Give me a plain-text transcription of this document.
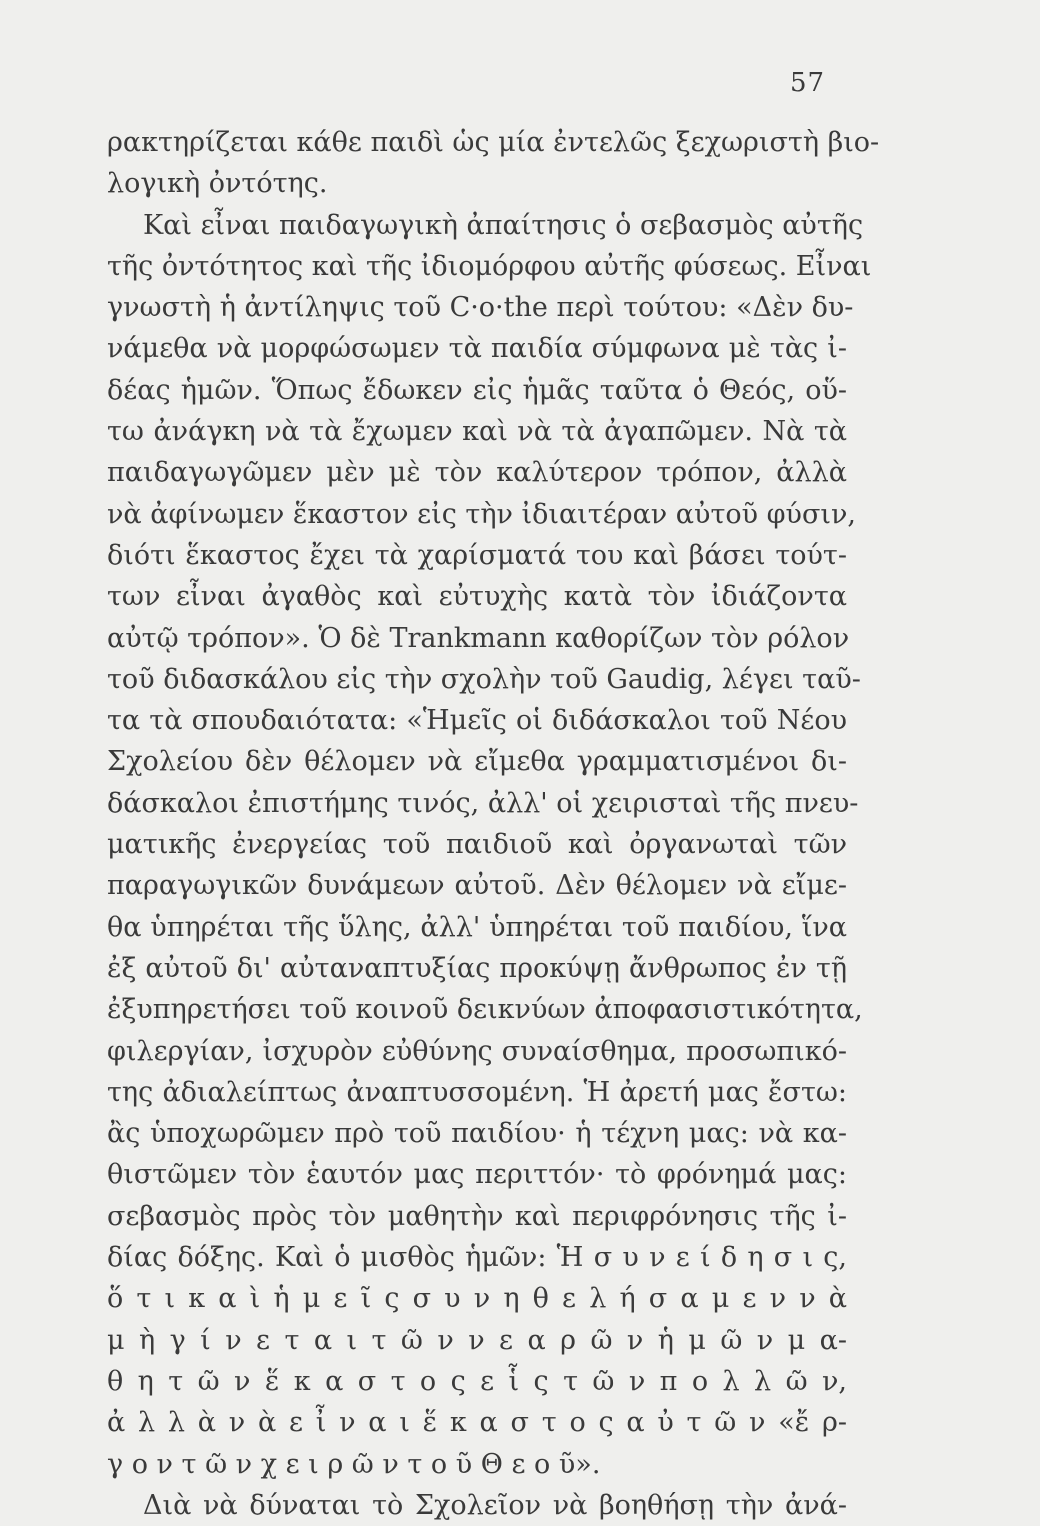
57
ρακτηρίζεται κάθε παιδὶ ὡς μία ἐντελῶς ξεχωριστὴ βιο-
λογικὴ ὀντότης.
Καὶ εἶναι παιδαγωγικὴ ἀπαίτησις ὁ σεβασμὸς αὐτῆς
τῆς ὀντότητος καὶ τῆς ἰδιομόρφου αὐτῆς φύσεως. Εἶναι
γνωστὴ ἡ ἀντίληψις τοῦ C·o·the περὶ τούτου: «Δὲν δυ-
νάμεθα νὰ μορφώσωμεν τὰ παιδία σύμφωνα μὲ τὰς ἰ-
δέας ἡμῶν. Ὅπως ἔδωκεν εἰς ἡμᾶς ταῦτα ὁ Θεός, οὕ-
τω ἀνάγκη νὰ τὰ ἔχωμεν καὶ νὰ τὰ ἀγαπῶμεν. Νὰ τὰ
παιδαγωγῶμεν μὲν μὲ τὸν καλύτερον τρόπον, ἀλλὰ
νὰ ἀφίνωμεν ἕκαστον εἰς τὴν ἰδιαιτέραν αὐτοῦ φύσιν,
διότι ἕκαστος ἔχει τὰ χαρίσματά του καὶ βάσει τούτ-
των εἶναι ἀγαθὸς καὶ εὐτυχὴς κατὰ τὸν ἰδιάζοντα
αὐτῷ τρόπον». Ὁ δὲ Trankmann καθορίζων τὸν ρόλον
τοῦ διδασκάλου εἰς τὴν σχολὴν τοῦ Gaudig, λέγει ταῦ-
τα τὰ σπουδαιότατα: «Ἡμεῖς οἱ διδάσκαλοι τοῦ Νέου
Σχολείου δὲν θέλομεν νὰ εἴμεθα γραμματισμένοι δι-
δάσκαλοι ἐπιστήμης τινός, ἀλλ' οἱ χειρισταὶ τῆς πνευ-
ματικῆς ἐνεργείας τοῦ παιδιοῦ καὶ ὀργανωταὶ τῶν
παραγωγικῶν δυνάμεων αὐτοῦ. Δὲν θέλομεν νὰ εἴμε-
θα ὑπηρέται τῆς ὕλης, ἀλλ' ὑπηρέται τοῦ παιδίου, ἵνα
ἐξ αὐτοῦ δι' αὐταναπτυξίας προκύψῃ ἄνθρωπος ἐν τῇ
ἐξυπηρετήσει τοῦ κοινοῦ δεικνύων ἀποφασιστικότητα,
φιλεργίαν, ἰσχυρὸν εὐθύνης συναίσθημα, προσωπικό-
της ἀδιαλείπτως ἀναπτυσσομένη. Ἡ ἀρετή μας ἔστω:
ἂς ὑποχωρῶμεν πρὸ τοῦ παιδίου· ἡ τέχνη μας: νὰ κα-
θιστῶμεν τὸν ἑαυτόν μας περιττόν· τὸ φρόνημά μας:
σεβασμὸς πρὸς τὸν μαθητὴν καὶ περιφρόνησις τῆς ἰ-
δίας δόξης. Καὶ ὁ μισθὸς ἡμῶν: Ἡ σ υ ν ε ί δ η σ ι ς,
ὅ τ ι κ α ὶ ἡ μ ε ῖ ς σ υ ν η θ ε λ ή σ α μ ε ν ν ὰ
μ ὴ γ ί ν ε τ α ι τ ῶ ν ν ε α ρ ῶ ν ἡ μ ῶ ν μ α-
θ η τ ῶ ν ἕ κ α σ τ ο ς ε ἷ ς τ ῶ ν π ο λ λ ῶ ν,
ἀ λ λ ὰ ν ὰ ε ἶ ν α ι ἕ κ α σ τ ο ς α ὐ τ ῶ ν «ἔ ρ-
γ ο ν τ ῶ ν χ ε ι ρ ῶ ν τ ο ῦ Θ ε ο ῦ».
Διὰ νὰ δύναται τὸ Σχολεῖον νὰ βοηθήσῃ τὴν ἀνά-
